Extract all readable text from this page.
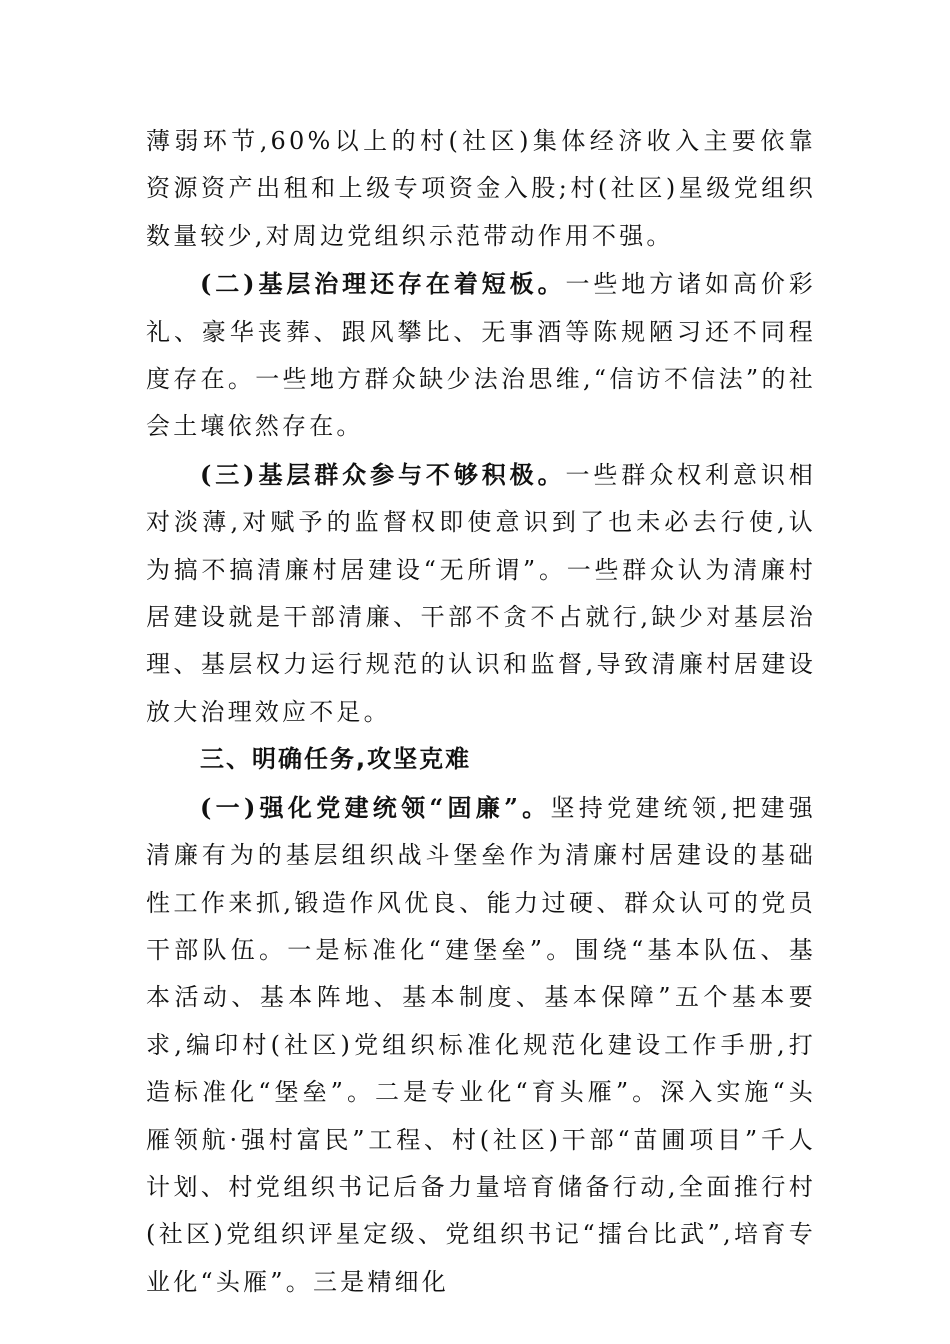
薄弱环节,60%以上的村(社区)集体经济收入主要依靠资源资产出租和上级专项资金入股;村(社区)星级党组织数量较少,对周边党组织示范带动作用不强。

(二)基层治理还存在着短板。一些地方诸如高价彩礼、豪华丧葬、跟风攀比、无事酒等陈规陋习还不同程度存在。一些地方群众缺少法治思维,“信访不信法”的社会土壤依然存在。

(三)基层群众参与不够积极。一些群众权利意识相对淡薄,对赋予的监督权即使意识到了也未必去行使,认为搞不搞清廉村居建设“无所谓”。一些群众认为清廉村居建设就是干部清廉、干部不贪不占就行,缺少对基层治理、基层权力运行规范的认识和监督,导致清廉村居建设放大治理效应不足。

三、明确任务,攻坚克难

(一)强化党建统领“固廉”。坚持党建统领,把建强清廉有为的基层组织战斗堡垒作为清廉村居建设的基础性工作来抓,锻造作风优良、能力过硬、群众认可的党员干部队伍。一是标准化“建堡垒”。围绕“基本队伍、基本活动、基本阵地、基本制度、基本保障”五个基本要求,编印村(社区)党组织标准化规范化建设工作手册,打造标准化“堡垒”。二是专业化“育头雁”。深入实施“头雁领航·强村富民”工程、村(社区)干部“苗圃项目”千人计划、村党组织书记后备力量培育储备行动,全面推行村(社区)党组织评星定级、党组织书记“擂台比武”,培育专业化“头雁”。三是精细化
